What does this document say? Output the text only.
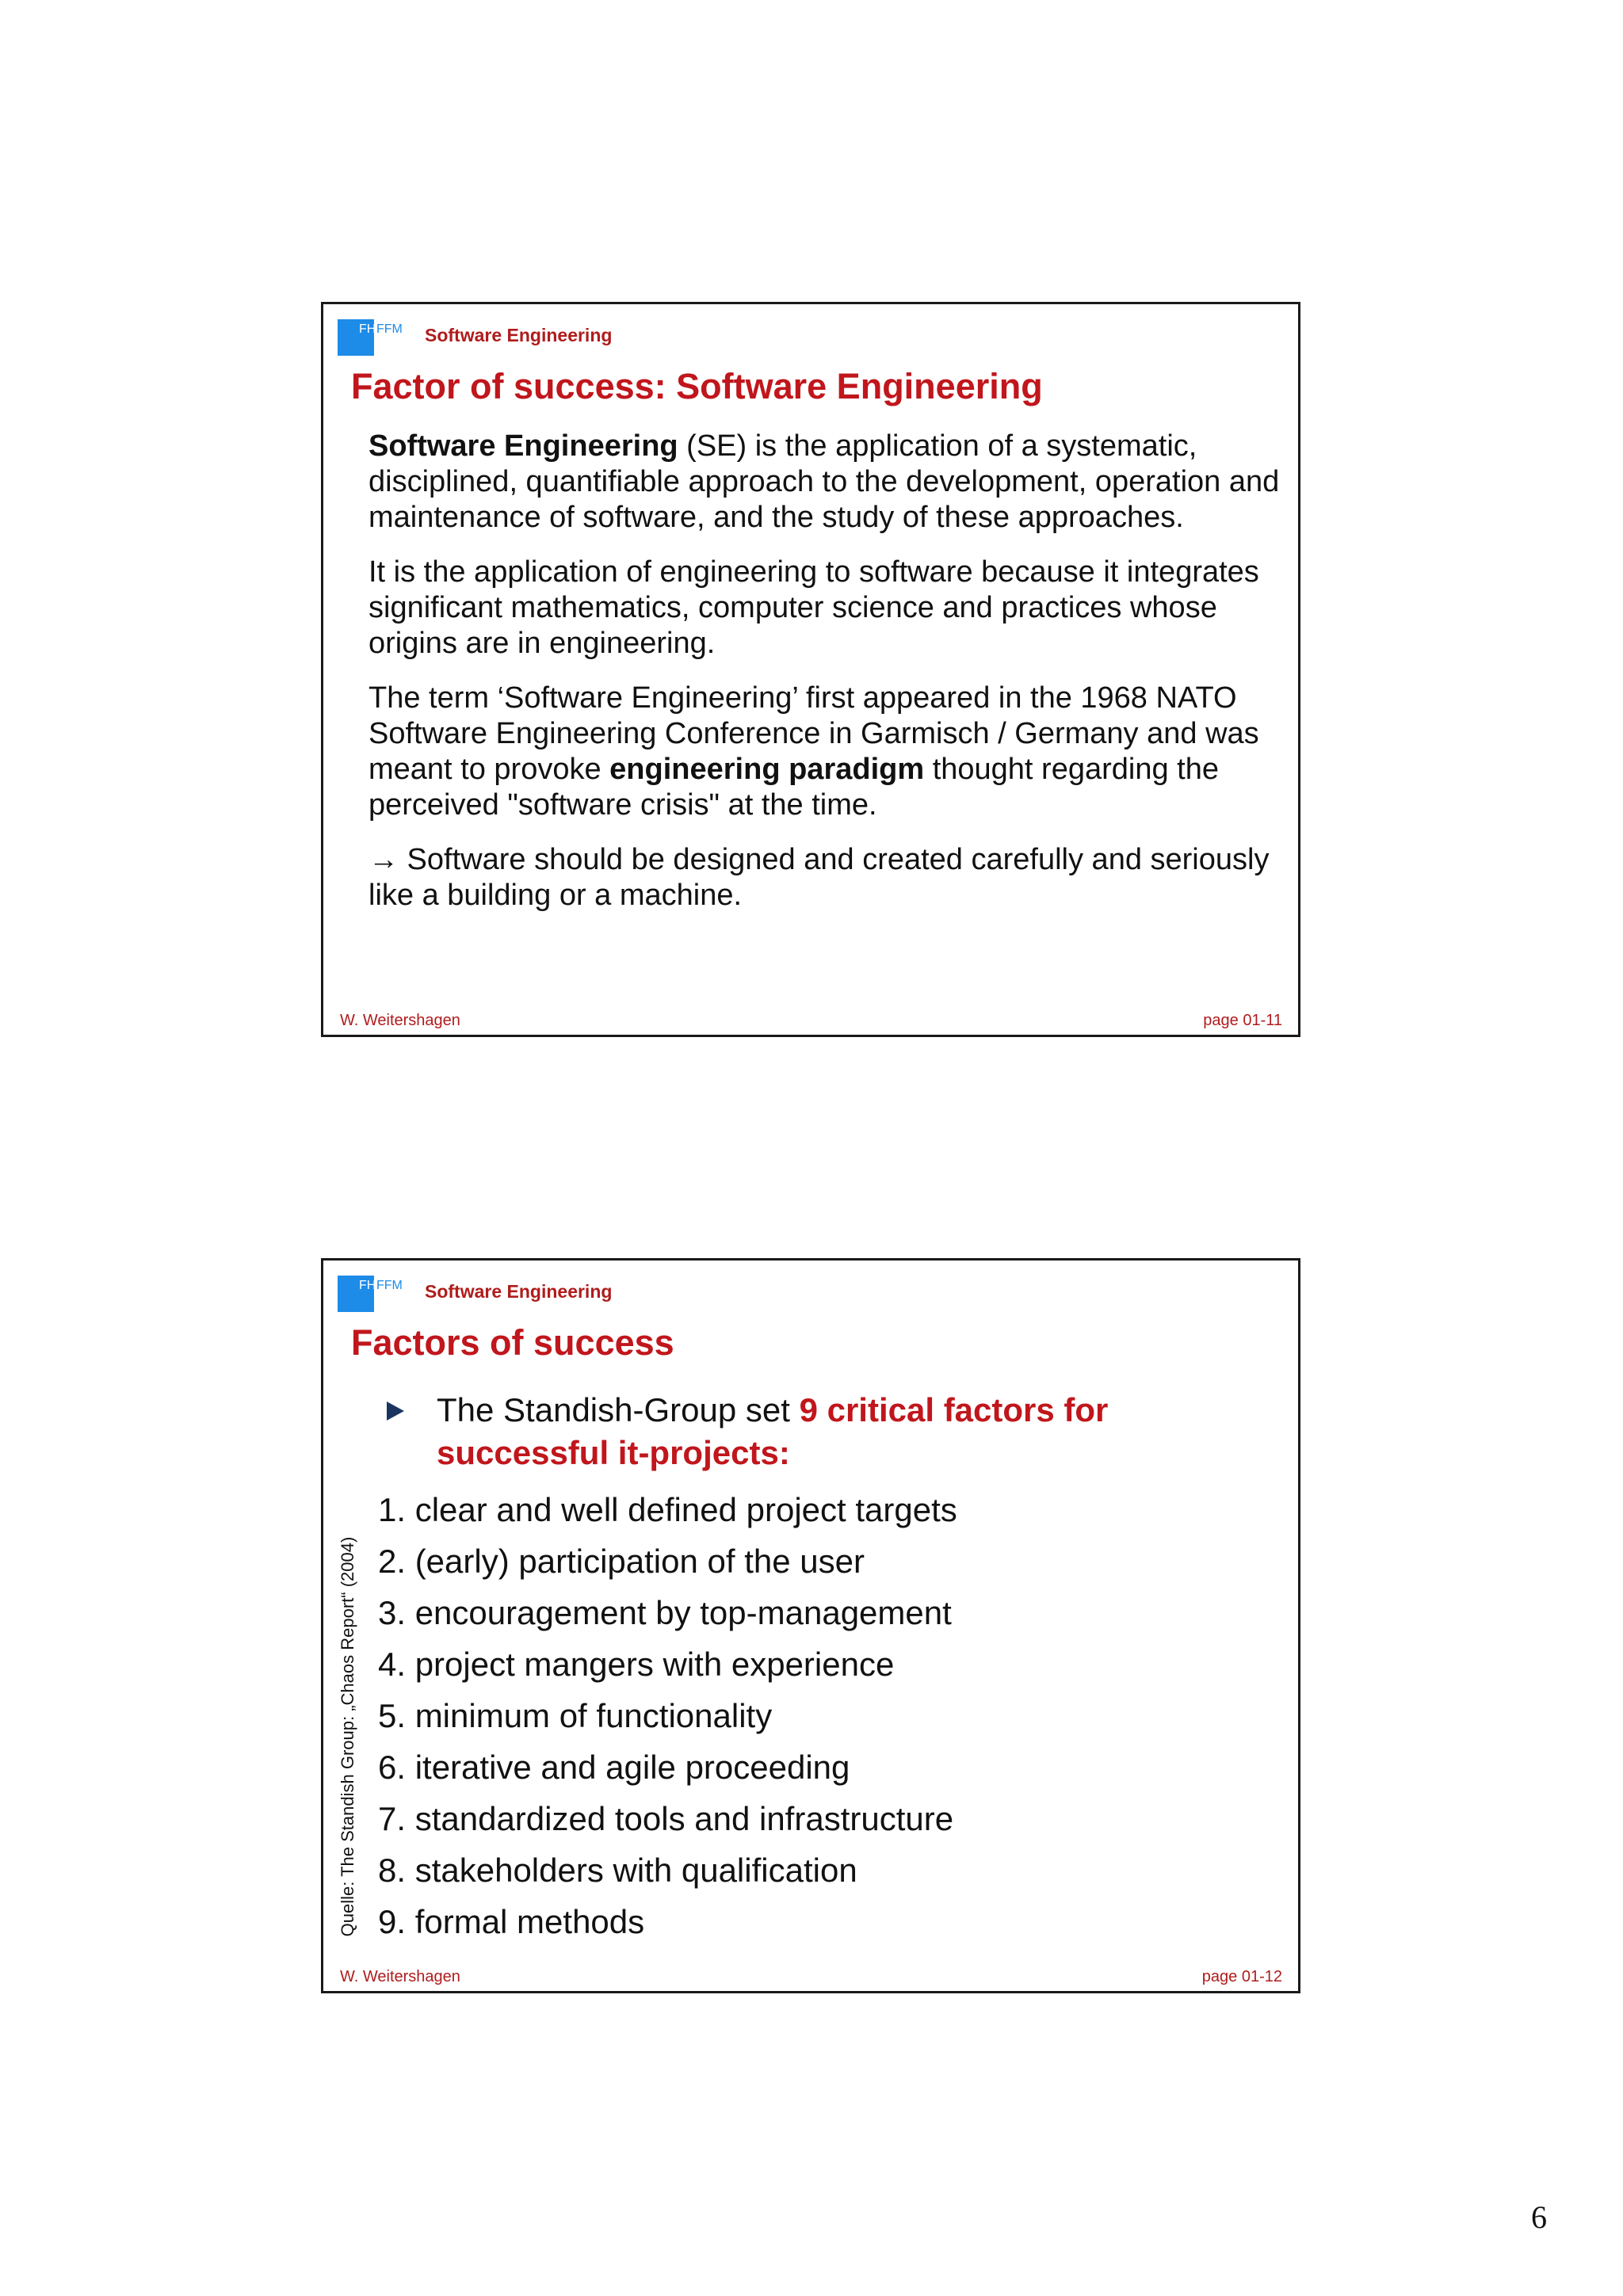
FH FFM Software Engineering
Factor of success: Software Engineering

Software Engineering (SE) is the application of a systematic, disciplined, quantifiable approach to the development, operation and maintenance of software, and the study of these approaches.

It is the application of engineering to software because it integrates significant mathematics, computer science and practices whose origins are in engineering.

The term ‘Software Engineering’ first appeared in the 1968 NATO Software Engineering Conference in Garmisch / Germany and was meant to provoke engineering paradigm thought regarding the perceived "software crisis" at the time.

→ Software should be designed and created carefully and seriously like a building or a machine.

W. Weitershagen	page 01-11
FH FFM Software Engineering
Factors of success
The Standish-Group set 9 critical factors for successful it-projects:
1. clear and well defined project targets
2. (early) participation of the user
3. encouragement by top-management
4. project mangers with experience
5. minimum of functionality
6. iterative and agile proceeding
7. standardized tools and infrastructure
8. stakeholders with qualification
9. formal methods
Quelle: The Standish Group: „Chaos Report“ (2004)
W. Weitershagen	page 01-12
6
